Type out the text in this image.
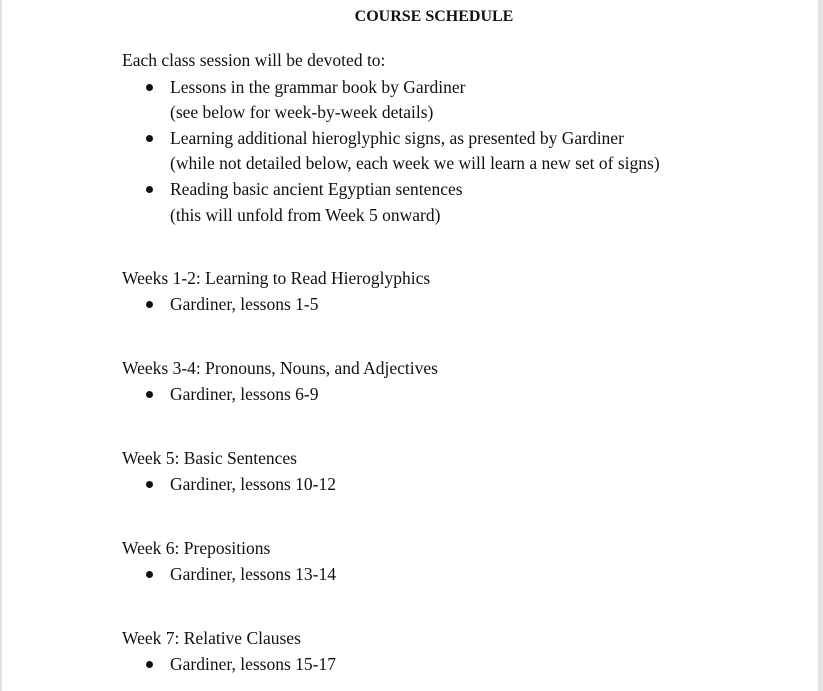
COURSE SCHEDULE
Each class session will be devoted to:
Lessons in the grammar book by Gardiner
(see below for week-by-week details)
Learning additional hieroglyphic signs, as presented by Gardiner
(while not detailed below, each week we will learn a new set of signs)
Reading basic ancient Egyptian sentences
(this will unfold from Week 5 onward)
Weeks 1-2: Learning to Read Hieroglyphics
Gardiner, lessons 1-5
Weeks 3-4: Pronouns, Nouns, and Adjectives
Gardiner, lessons 6-9
Week 5: Basic Sentences
Gardiner, lessons 10-12
Week 6: Prepositions
Gardiner, lessons 13-14
Week 7: Relative Clauses
Gardiner, lessons 15-17
